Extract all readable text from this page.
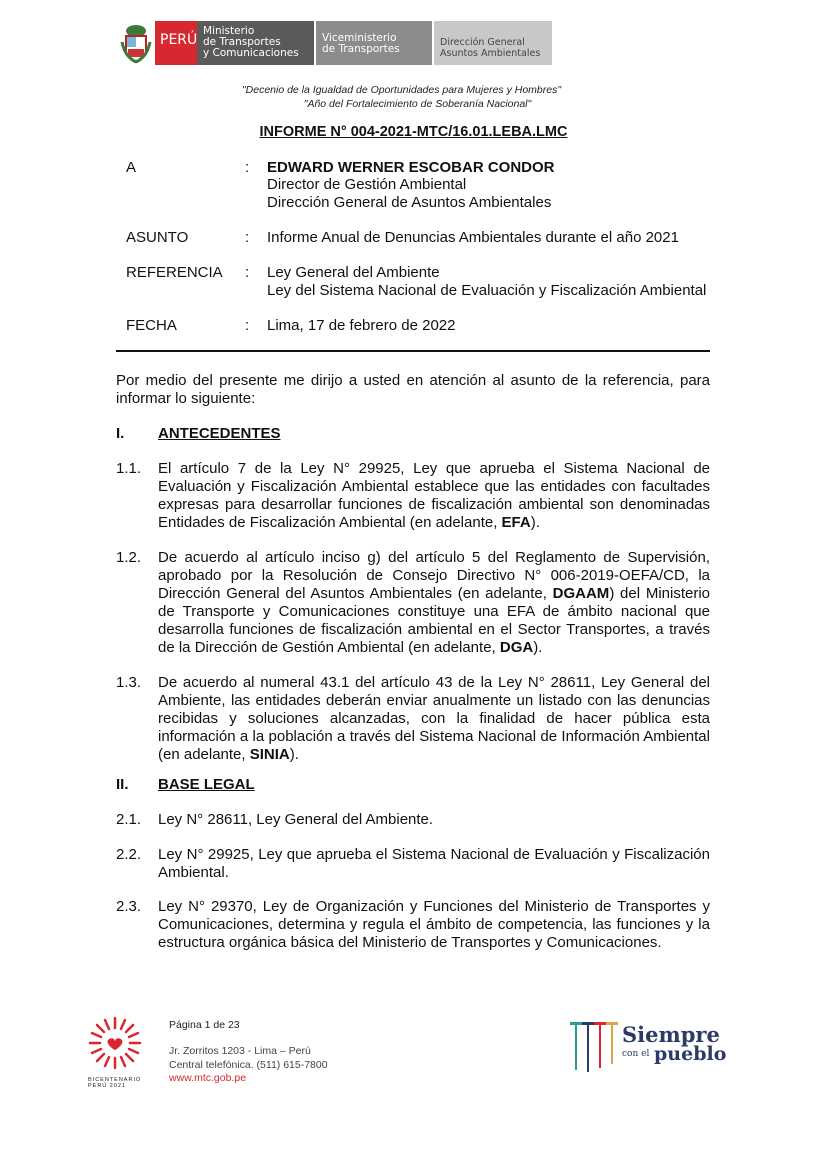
PERÚ
Ministerio
de Transportes
y Comunicaciones
Viceministerio
de Transportes
Dirección General
Asuntos Ambientales
"Decenio de la Igualdad de Oportunidades para Mujeres y Hombres"
"Año del Fortalecimiento de Soberanía Nacional"
INFORME N° 004-2021-MTC/16.01.LEBA.LMC
A	: EDWARD WERNER ESCOBAR CONDOR
Director de Gestión Ambiental
Dirección General de Asuntos Ambientales
ASUNTO	: Informe Anual de Denuncias Ambientales durante el año 2021
REFERENCIA : Ley General del Ambiente
Ley del Sistema Nacional de Evaluación y Fiscalización Ambiental
FECHA	: Lima, 17 de febrero de 2022
Por medio del presente me dirijo a usted en atención al asunto de la referencia, para informar lo siguiente:
I. ANTECEDENTES
1.1. El artículo 7 de la Ley N° 29925, Ley que aprueba el Sistema Nacional de Evaluación y Fiscalización Ambiental establece que las entidades con facultades expresas para desarrollar funciones de fiscalización ambiental son denominadas Entidades de Fiscalización Ambiental (en adelante, EFA).
1.2. De acuerdo al artículo inciso g) del artículo 5 del Reglamento de Supervisión, aprobado por la Resolución de Consejo Directivo N° 006-2019-OEFA/CD, la Dirección General del Asuntos Ambientales (en adelante, DGAAM) del Ministerio de Transporte y Comunicaciones constituye una EFA de ámbito nacional que desarrolla funciones de fiscalización ambiental en el Sector Transportes, a través de la Dirección de Gestión Ambiental (en adelante, DGA).
1.3. De acuerdo al numeral 43.1 del artículo 43 de la Ley N° 28611, Ley General del Ambiente, las entidades deberán enviar anualmente un listado con las denuncias recibidas y soluciones alcanzadas, con la finalidad de hacer pública esta información a la población a través del Sistema Nacional de Información Ambiental (en adelante, SINIA).
II. BASE LEGAL
2.1. Ley N° 28611, Ley General del Ambiente.
2.2. Ley N° 29925, Ley que aprueba el Sistema Nacional de Evaluación y Fiscalización Ambiental.
2.3. Ley N° 29370, Ley de Organización y Funciones del Ministerio de Transportes y Comunicaciones, determina y regula el ámbito de competencia, las funciones y la estructura orgánica básica del Ministerio de Transportes y Comunicaciones.
BICENTENARIO
PERÚ 2021
Página 1 de 23
Jr. Zorritos 1203 - Lima – Perú
Central telefónica. (511) 615-7800
www.mtc.gob.pe
Siempre
con el pueblo
